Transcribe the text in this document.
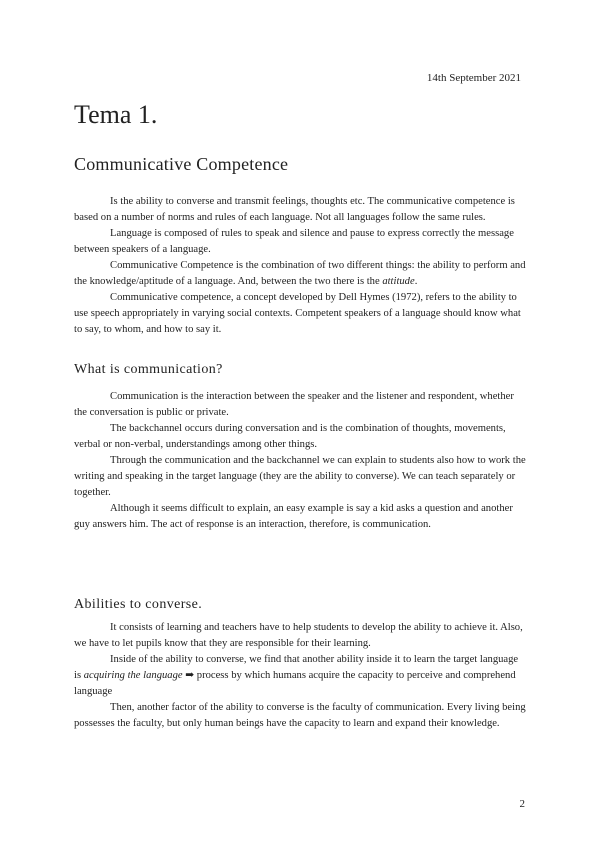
14th September 2021
Tema 1.
Communicative Competence

Is the ability to converse and transmit feelings, thoughts etc. The communicative competence is based on a number of norms and rules of each language. Not all languages follow the same rules.

Language is composed of rules to speak and silence and pause to express correctly the message between speakers of a language.

Communicative Competence is the combination of two different things: the ability to perform and the knowledge/aptitude of a language. And, between the two there is the attitude.

Communicative competence, a concept developed by Dell Hymes (1972), refers to the ability to use speech appropriately in varying social contexts. Competent speakers of a language should know what to say, to whom, and how to say it.

What is communication?

Communication is the interaction between the speaker and the listener and respondent, whether the conversation is public or private.

The backchannel occurs during conversation and is the combination of thoughts, movements, verbal or non-verbal, understandings among other things.

Through the communication and the backchannel we can explain to students also how to work the writing and speaking in the target language (they are the ability to converse). We can teach separately or together.

Although it seems difficult to explain, an easy example is say a kid asks a question and another guy answers him. The act of response is an interaction, therefore, is communication.

Abilities to converse.

It consists of learning and teachers have to help students to develop the ability to achieve it. Also, we have to let pupils know that they are responsible for their learning.

Inside of the ability to converse, we find that another ability inside it to learn the target language is acquiring the language ➡ process by which humans acquire the capacity to perceive and comprehend language

Then, another factor of the ability to converse is the faculty of communication. Every living being possesses the faculty, but only human beings have the capacity to learn and expand their knowledge.

2
